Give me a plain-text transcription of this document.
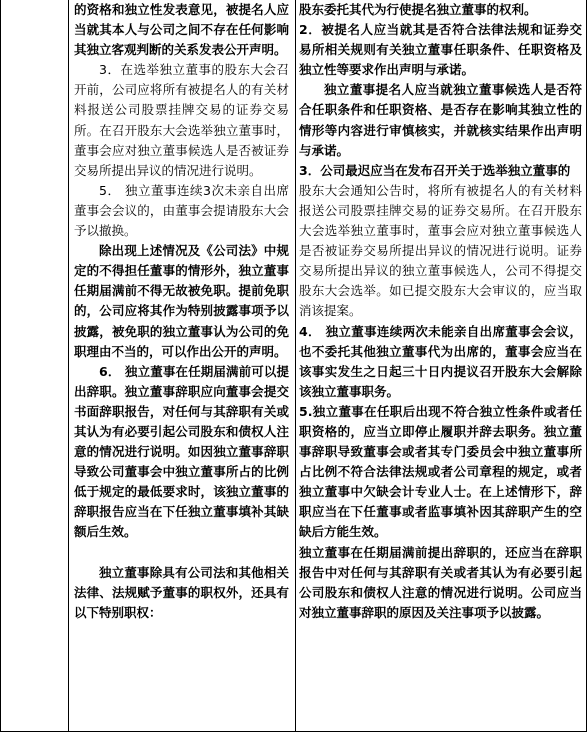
的资格和独立性发表意见，被提名人应当就其本人与公司之间不存在任何影响其独立客观判断的关系发表公开声明。

3．在选举独立董事的股东大会召开前，公司应将所有被提名人的有关材料报送公司股票挂牌交易的证券交易所。在召开股东大会选举独立董事时，董事会应对独立董事候选人是否被证券交易所提出异议的情况进行说明。

5． 独立董事连续3次未亲自出席董事会会议的，由董事会提请股东大会予以撤换。

除出现上述情况及《公司法》中规定的不得担任董事的情形外，独立董事任期届满前不得无故被免职。提前免职的，公司应将其作为特别披露事项予以披露，被免职的独立董事认为公司的免职理由不当的，可以作出公开的声明。

6． 独立董事在任期届满前可以提出辞职。独立董事辞职应向董事会提交书面辞职报告，对任何与其辞职有关或其认为有必要引起公司股东和债权人注意的情况进行说明。如因独立董事辞职导致公司董事会中独立董事所占的比例低于规定的最低要求时，该独立董事的辞职报告应当在下任独立董事填补其缺额后生效。

独立董事除具有公司法和其他相关法律、法规赋予董事的职权外，还具有以下特别职权：

股东委托其代为行使提名独立董事的权利。

2．被提名人应当就其是否符合法律法规和证券交易所相关规则有关独立董事任职条件、任职资格及独立性等要求作出声明与承诺。

独立董事提名人应当就独立董事候选人是否符合任职条件和任职资格、是否存在影响其独立性的情形等内容进行审慎核实，并就核实结果作出声明与承诺。

3．公司最迟应当在发布召开关于选举独立董事的

股东大会通知公告时，将所有被提名人的有关材料报送公司股票挂牌交易的证券交易所。在召开股东大会选举独立董事时，董事会应对独立董事候选人是否被证券交易所提出异议的情况进行说明。证券交易所提出异议的独立董事候选人，公司不得提交股东大会选举。如已提交股东大会审议的，应当取消该提案。

4． 独立董事连续两次未能亲自出席董事会会议，也不委托其他独立董事代为出席的，董事会应当在该事实发生之日起三十日内提议召开股东大会解除该独立董事职务。

5.独立董事在任职后出现不符合独立性条件或者任职资格的，应当立即停止履职并辞去职务。独立董事辞职导致董事会或者其专门委员会中独立董事所占比例不符合法律法规或者公司章程的规定，或者独立董事中欠缺会计专业人士。在上述情形下，辞职应当在下任董事或者监事填补因其辞职产生的空缺后方能生效。

独立董事在任期届满前提出辞职的，还应当在辞职报告中对任何与其辞职有关或者其认为有必要引起公司股东和债权人注意的情况进行说明。公司应当对独立董事辞职的原因及关注事项予以披露。
